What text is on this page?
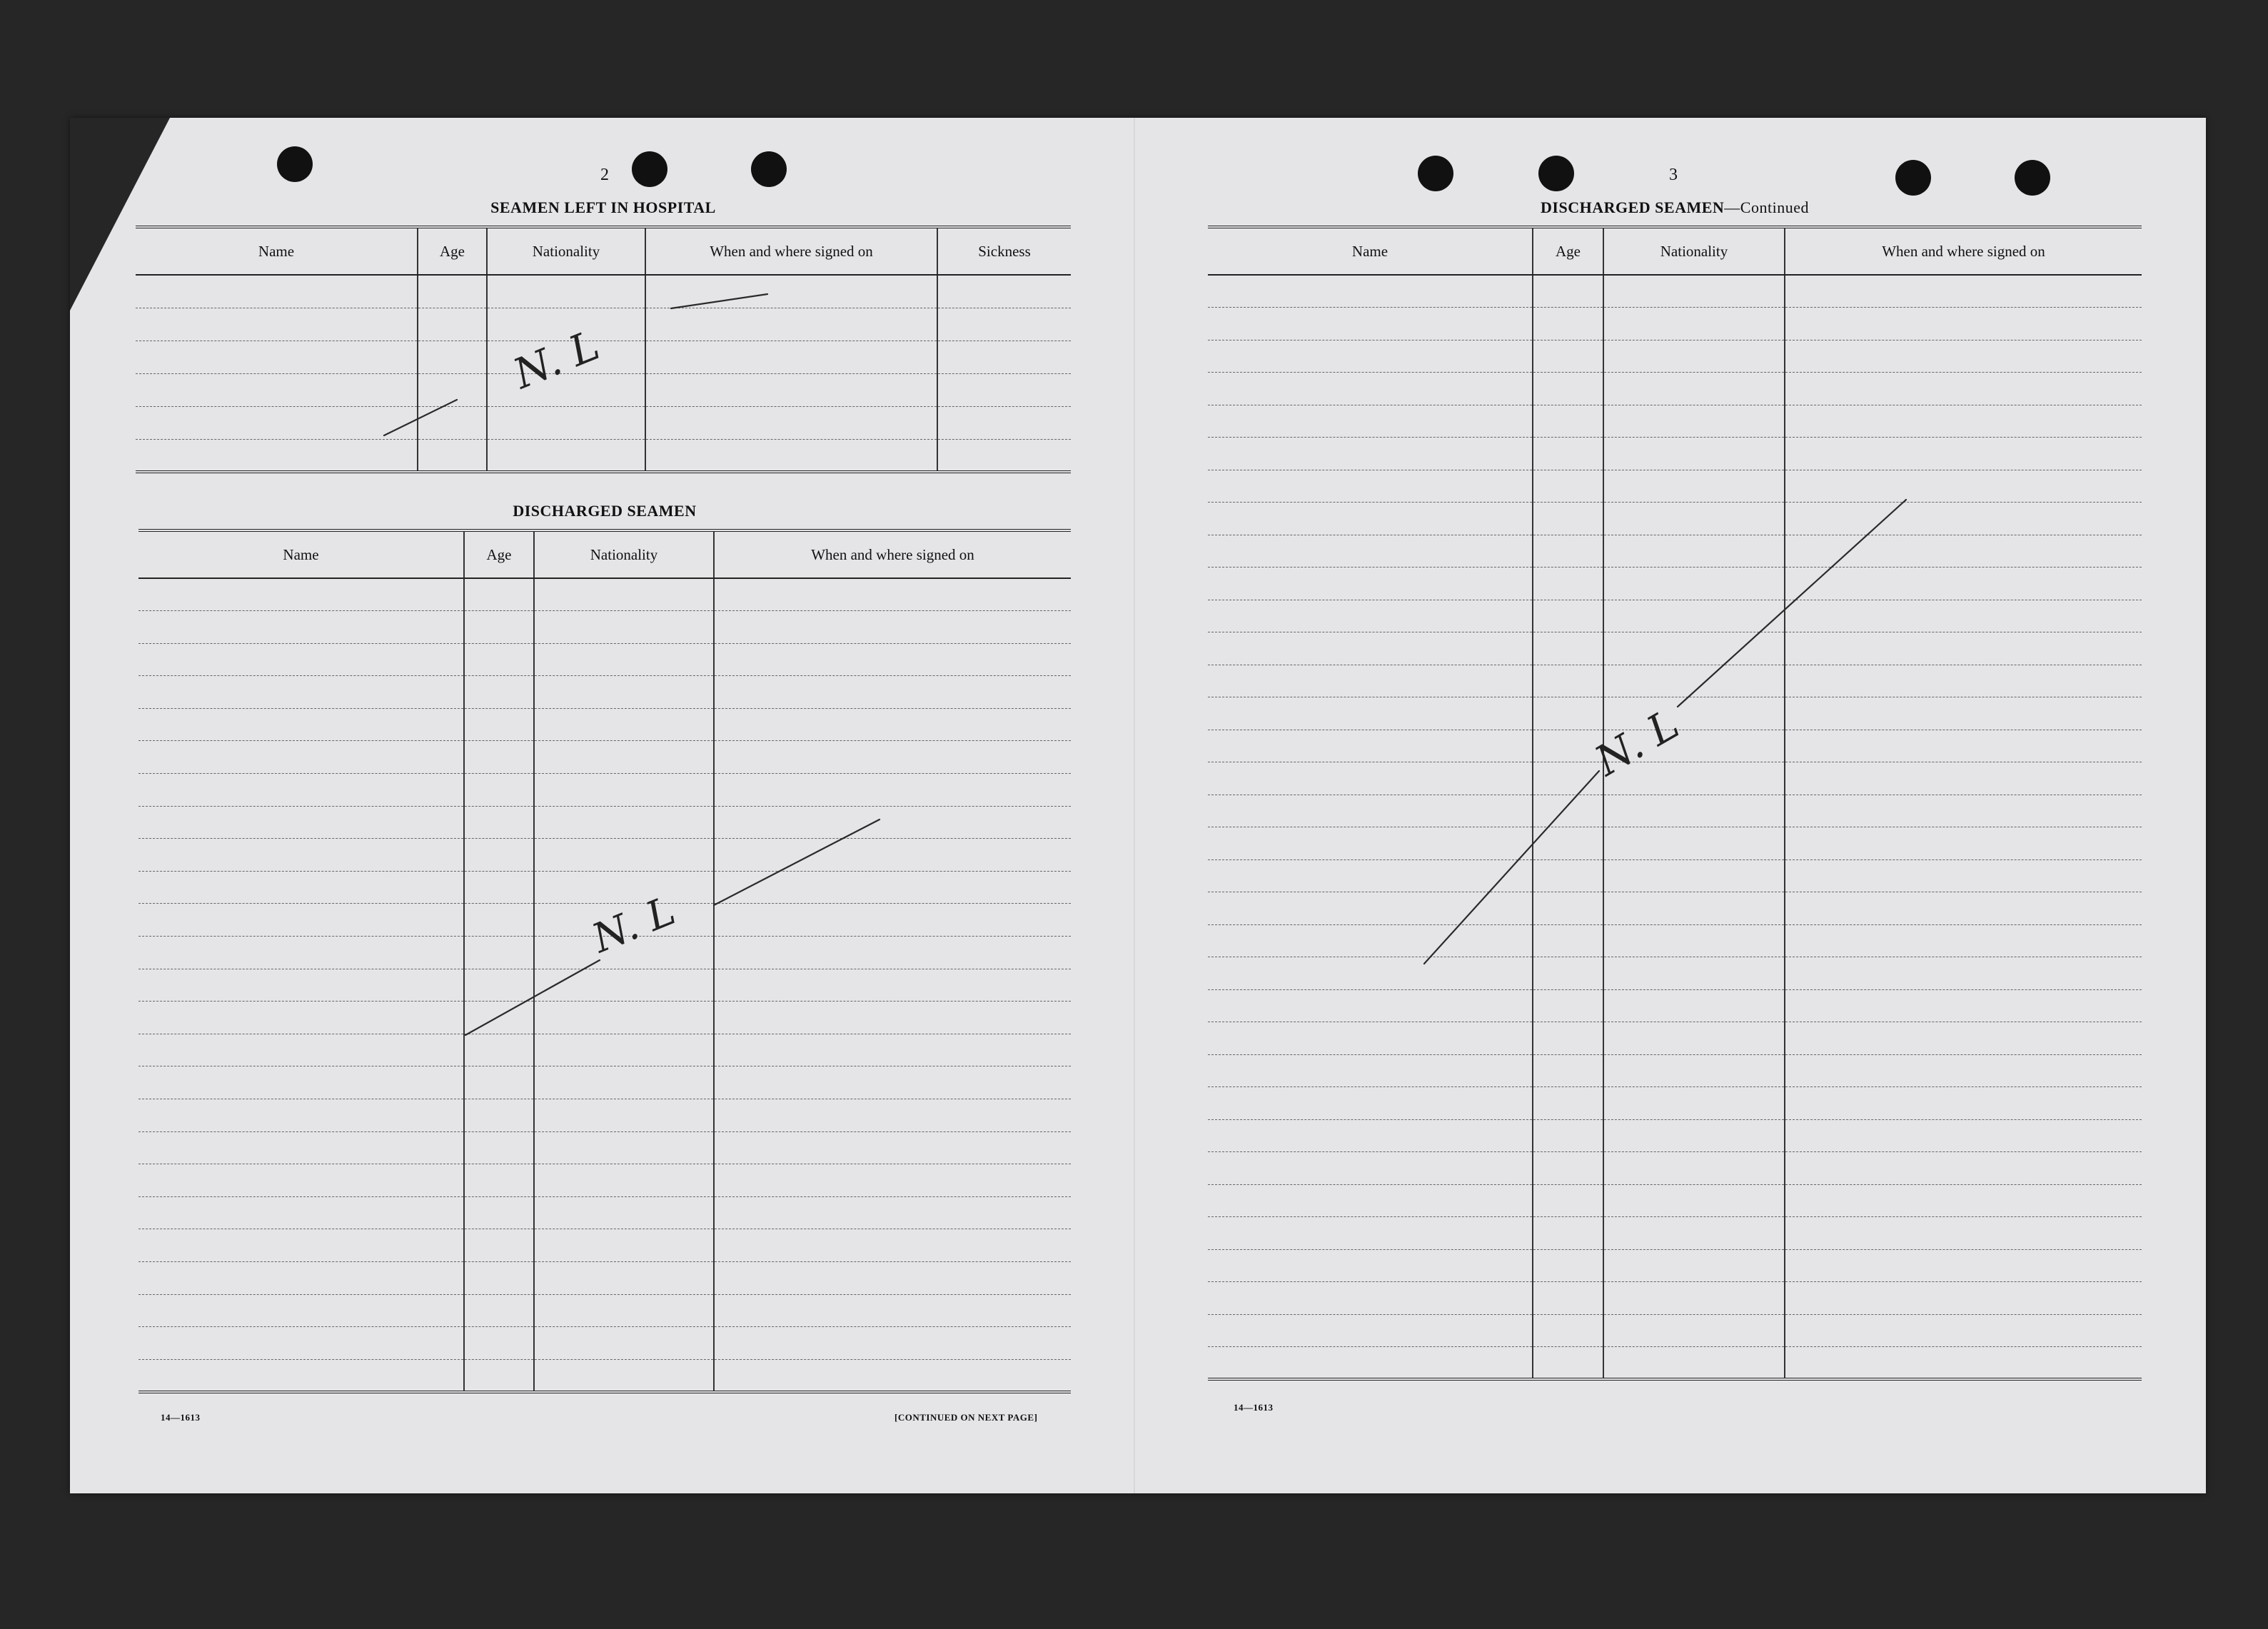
2
SEAMEN LEFT IN HOSPITAL
Name	Age	Nationality	When and where signed on	Sickness

DISCHARGED SEAMEN
Name	Age	Nationality	When and where signed on

14—1613	[CONTINUED ON NEXT PAGE]
3
DISCHARGED SEAMEN—Continued
Name	Age	Nationality	When and where signed on

14—1613
N. L
N. L
N. L
